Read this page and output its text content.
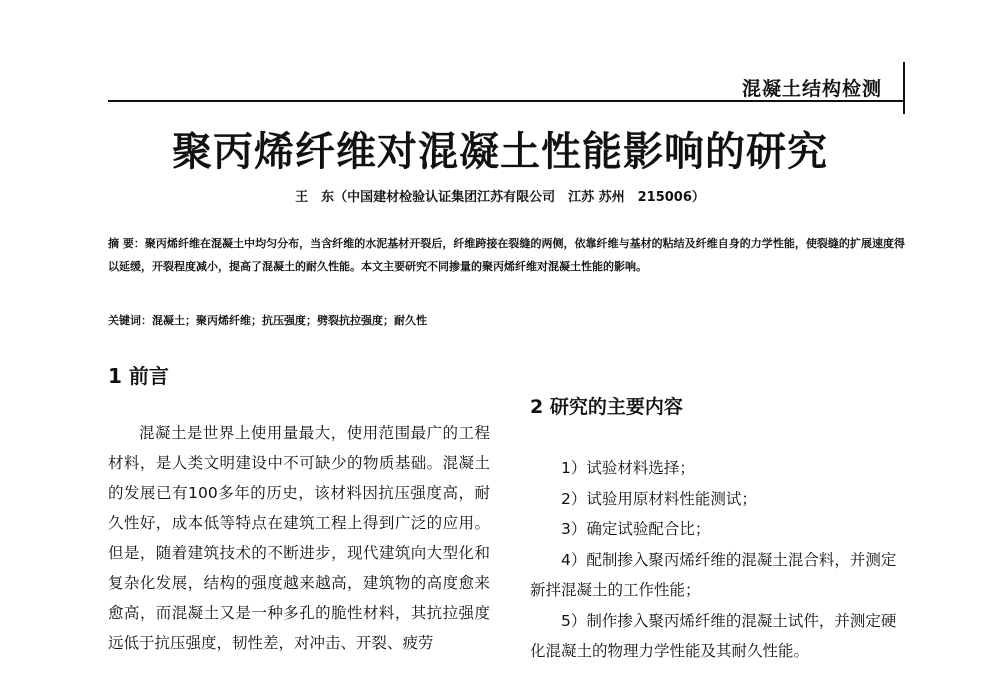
混凝土结构检测
聚丙烯纤维对混凝土性能影响的研究
王　东（中国建材检验认证集团江苏有限公司　江苏 苏州　215006）
摘 要：聚丙烯纤维在混凝土中均匀分布，当含纤维的水泥基材开裂后，纤维跨接在裂缝的两侧，依靠纤维与基材的粘结及纤维自身的力学性能，使裂缝的扩展速度得以延缓，开裂程度减小，提高了混凝土的耐久性能。本文主要研究不同掺量的聚丙烯纤维对混凝土性能的影响。
关键词：混凝土；聚丙烯纤维；抗压强度；劈裂抗拉强度；耐久性
1 前言

混凝土是世界上使用量最大，使用范围最广的工程材料，是人类文明建设中不可缺少的物质基础。混凝土的发展已有100多年的历史，该材料因抗压强度高，耐久性好，成本低等特点在建筑工程上得到广泛的应用。但是，随着建筑技术的不断进步，现代建筑向大型化和复杂化发展，结构的强度越来越高，建筑物的高度愈来愈高，而混凝土又是一种多孔的脆性材料，其抗拉强度远低于抗压强度，韧性差，对冲击、开裂、疲劳

2 研究的主要内容
1）试验材料选择；
2）试验用原材料性能测试；
3）确定试验配合比；
4）配制掺入聚丙烯纤维的混凝土混合料，并测定新拌混凝土的工作性能；
5）制作掺入聚丙烯纤维的混凝土试件，并测定硬化混凝土的物理力学性能及其耐久性能。
